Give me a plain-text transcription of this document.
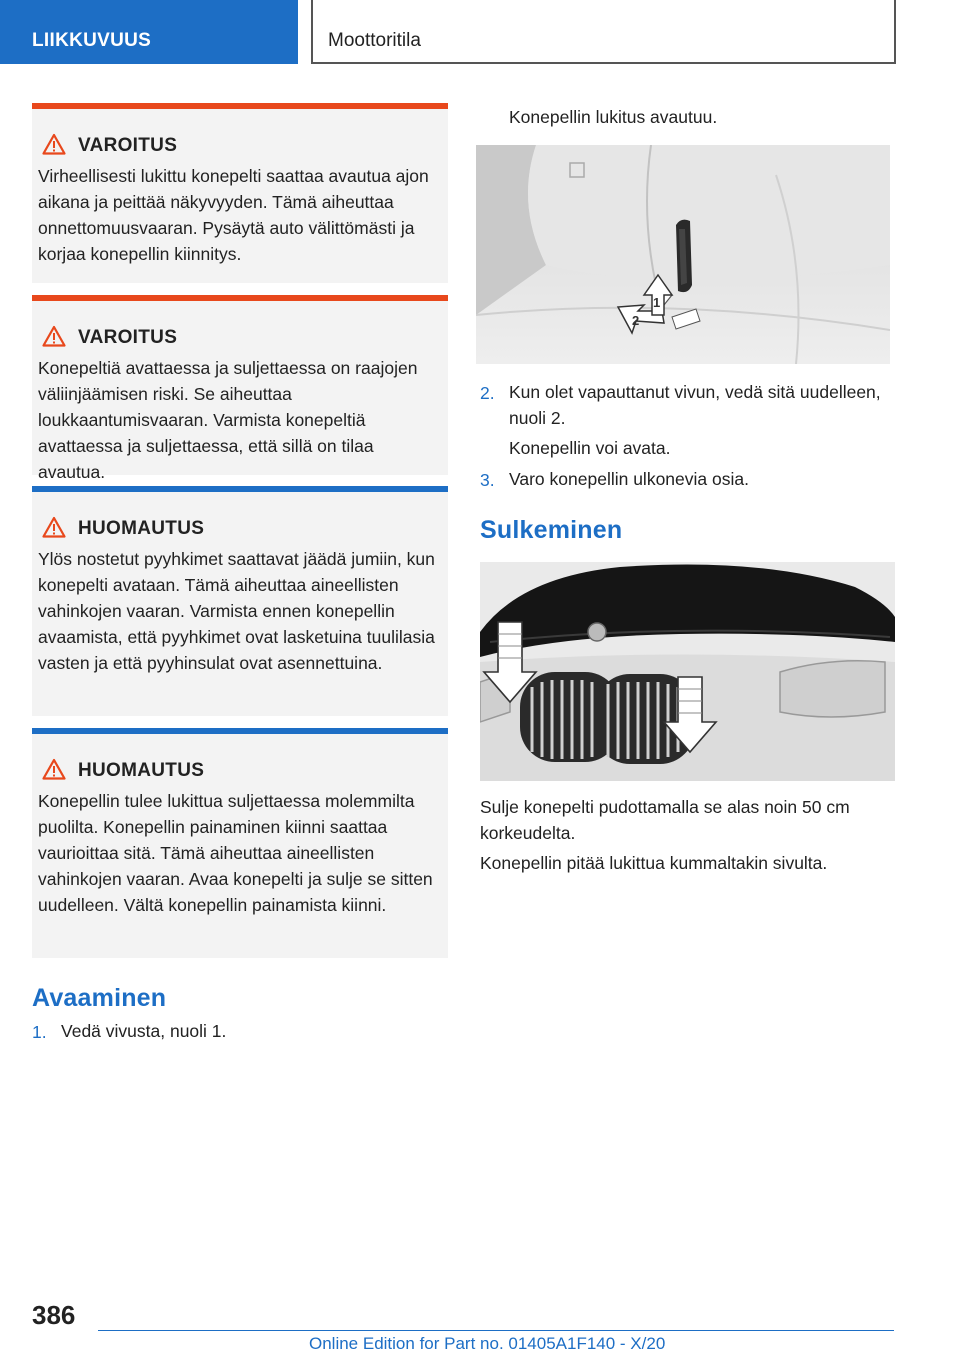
LIIKKUVUUS	Moottoritila
VAROITUS
Virheellisesti lukittu konepelti saattaa avautua ajon aikana ja peittää näkyvyyden. Tämä aiheuttaa onnettomuusvaaran. Pysäytä auto välittömästi ja korjaa konepellin kiinnitys.
VAROITUS
Konepeltiä avattaessa ja suljettaessa on raajojen väliinjäämisen riski. Se aiheuttaa loukkaantumisvaaran. Varmista konepeltiä avattaessa ja suljettaessa, että sillä on tilaa avautua.
HUOMAUTUS
Ylös nostetut pyyhkimet saattavat jäädä jumiin, kun konepelti avataan. Tämä aiheuttaa aineellisten vahinkojen vaaran. Varmista ennen konepellin avaamista, että pyyhkimet ovat lasketuina tuulilasia vasten ja että pyyhinsulat ovat asennettuina.
HUOMAUTUS
Konepellin tulee lukittua suljettaessa molemmilta puolilta. Konepellin painaminen kiinni saattaa vaurioittaa sitä. Tämä aiheuttaa aineellisten vahinkojen vaaran. Avaa konepelti ja sulje se sitten uudelleen. Vältä konepellin painamista kiinni.
Avaaminen
1. Vedä vivusta, nuoli 1.
Konepellin lukitus avautuu.
2
1
2. Kun olet vapauttanut vivun, vedä sitä uudelleen, nuoli 2.
Konepellin voi avata.
3. Varo konepellin ulkonevia osia.
Sulkeminen
Sulje konepelti pudottamalla se alas noin 50 cm korkeudelta.
Konepellin pitää lukittua kummaltakin sivulta.
386
Online Edition for Part no. 01405A1F140 - X/20
